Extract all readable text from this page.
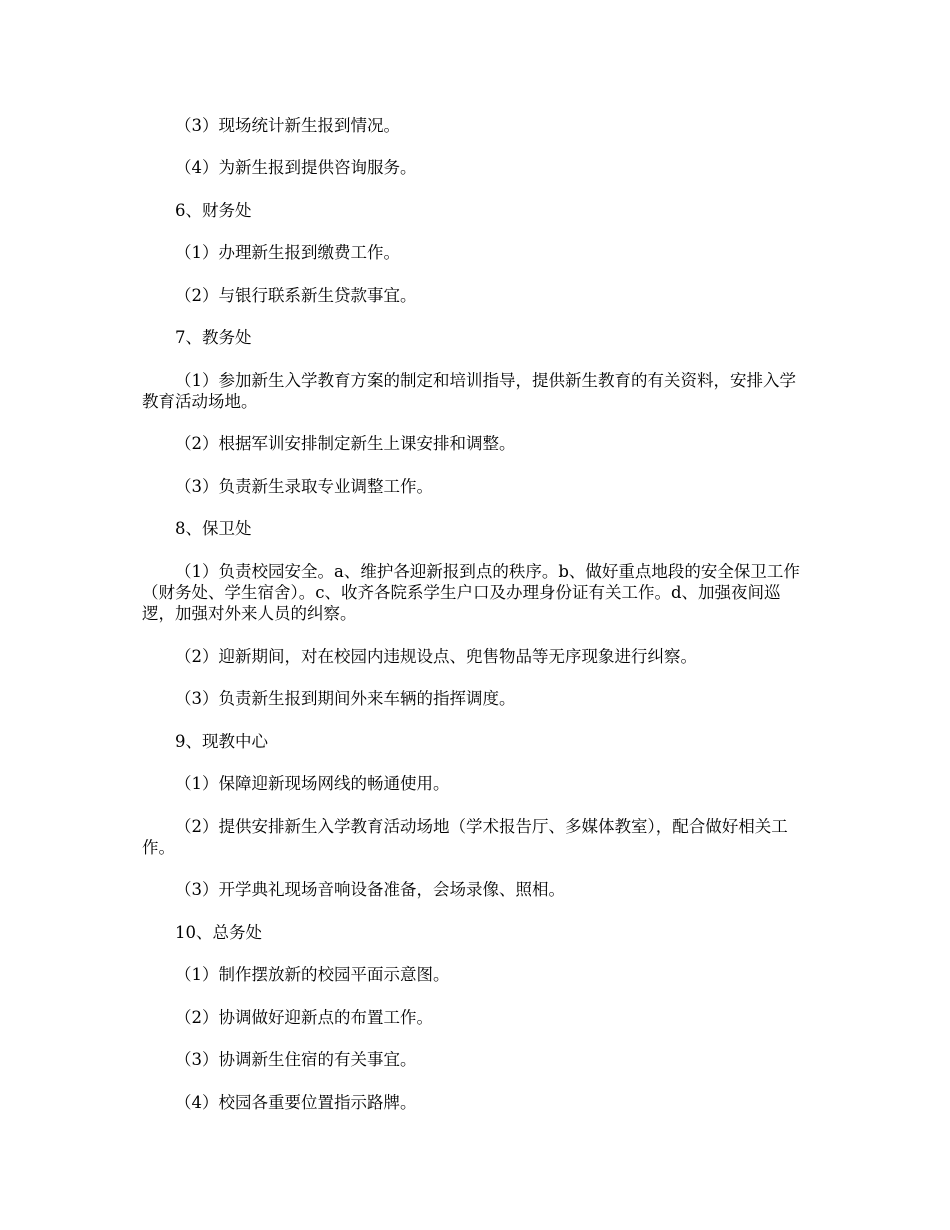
（3）现场统计新生报到情况。

（4）为新生报到提供咨询服务。

6、财务处

（1）办理新生报到缴费工作。

（2）与银行联系新生贷款事宜。

7、教务处

（1）参加新生入学教育方案的制定和培训指导，提供新生教育的有关资料，安排入学教育活动场地。

（2）根据军训安排制定新生上课安排和调整。

（3）负责新生录取专业调整工作。

8、保卫处

（1）负责校园安全。a、维护各迎新报到点的秩序。b、做好重点地段的安全保卫工作（财务处、学生宿舍）。c、收齐各院系学生户口及办理身份证有关工作。d、加强夜间巡逻，加强对外来人员的纠察。

（2）迎新期间，对在校园内违规设点、兜售物品等无序现象进行纠察。

（3）负责新生报到期间外来车辆的指挥调度。

9、现教中心

（1）保障迎新现场网线的畅通使用。

（2）提供安排新生入学教育活动场地（学术报告厅、多媒体教室），配合做好相关工作。

（3）开学典礼现场音响设备准备，会场录像、照相。

10、总务处

（1）制作摆放新的校园平面示意图。

（2）协调做好迎新点的布置工作。

（3）协调新生住宿的有关事宜。

（4）校园各重要位置指示路牌。
